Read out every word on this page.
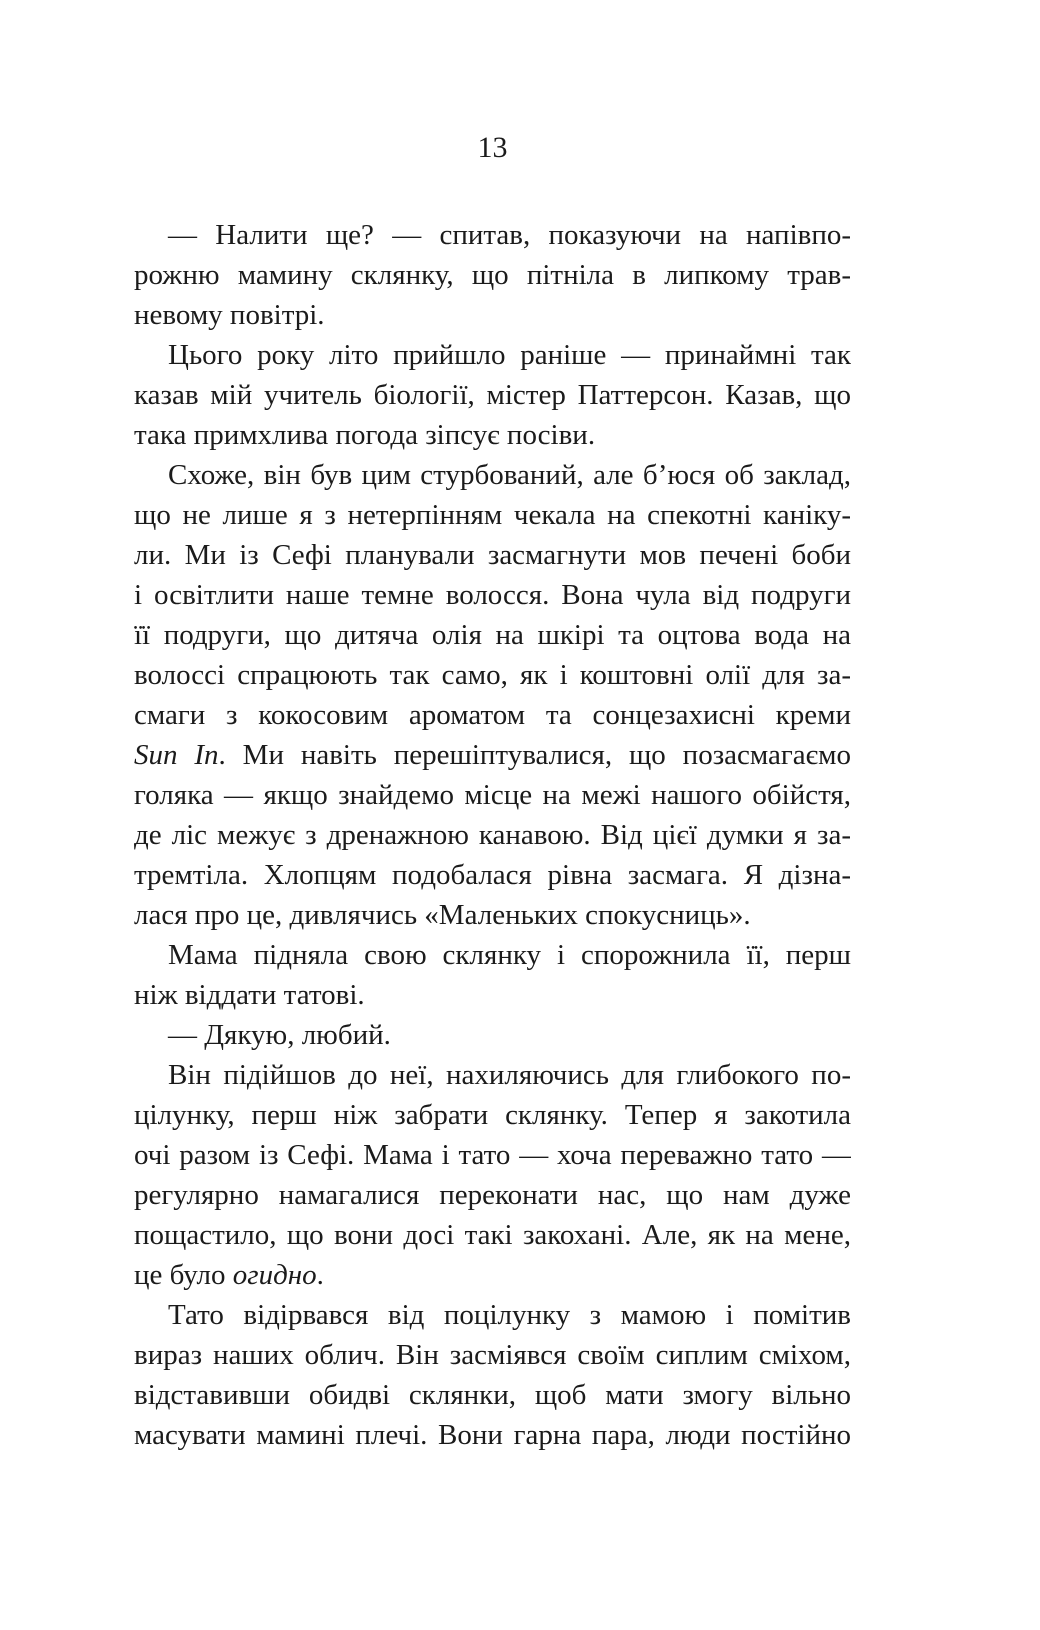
13
— Налити ще? — спитав, показуючи на напівпо-
рожню мамину склянку, що пітніла в липкому трав-
невому повітрі.
Цього року літо прийшло раніше — принаймні так
казав мій учитель біології, містер Паттерсон. Казав, що
така примхлива погода зіпсує посіви.
Схоже, він був цим стурбований, але б’юся об заклад,
що не лише я з нетерпінням чекала на спекотні каніку-
ли. Ми із Сефі планували засмагнути мов печені боби
і освітлити наше темне волосся. Вона чула від подруги
її подруги, що дитяча олія на шкірі та оцтова вода на
волоссі спрацюють так само, як і коштовні олії для за-
смаги з кокосовим ароматом та сонцезахисні креми
Sun In. Ми навіть перешіптувалися, що позасмагаємо
голяка — якщо знайдемо місце на межі нашого обійстя,
де ліс межує з дренажною канавою. Від цієї думки я за-
тремтіла. Хлопцям подобалася рівна засмага. Я дізна-
лася про це, дивлячись «Маленьких спокусниць».
Мама підняла свою склянку і спорожнила її, перш
ніж віддати татові.
— Дякую, любий.
Він підійшов до неї, нахиляючись для глибокого по-
цілунку, перш ніж забрати склянку. Тепер я закотила
очі разом із Сефі. Мама і тато — хоча переважно тато —
регулярно намагалися переконати нас, що нам дуже
пощастило, що вони досі такі закохані. Але, як на мене,
це було огидно.
Тато відірвався від поцілунку з мамою і помітив
вираз наших облич. Він засміявся своїм сиплим сміхом,
відставивши обидві склянки, щоб мати змогу вільно
масувати мамині плечі. Вони гарна пара, люди постійно
